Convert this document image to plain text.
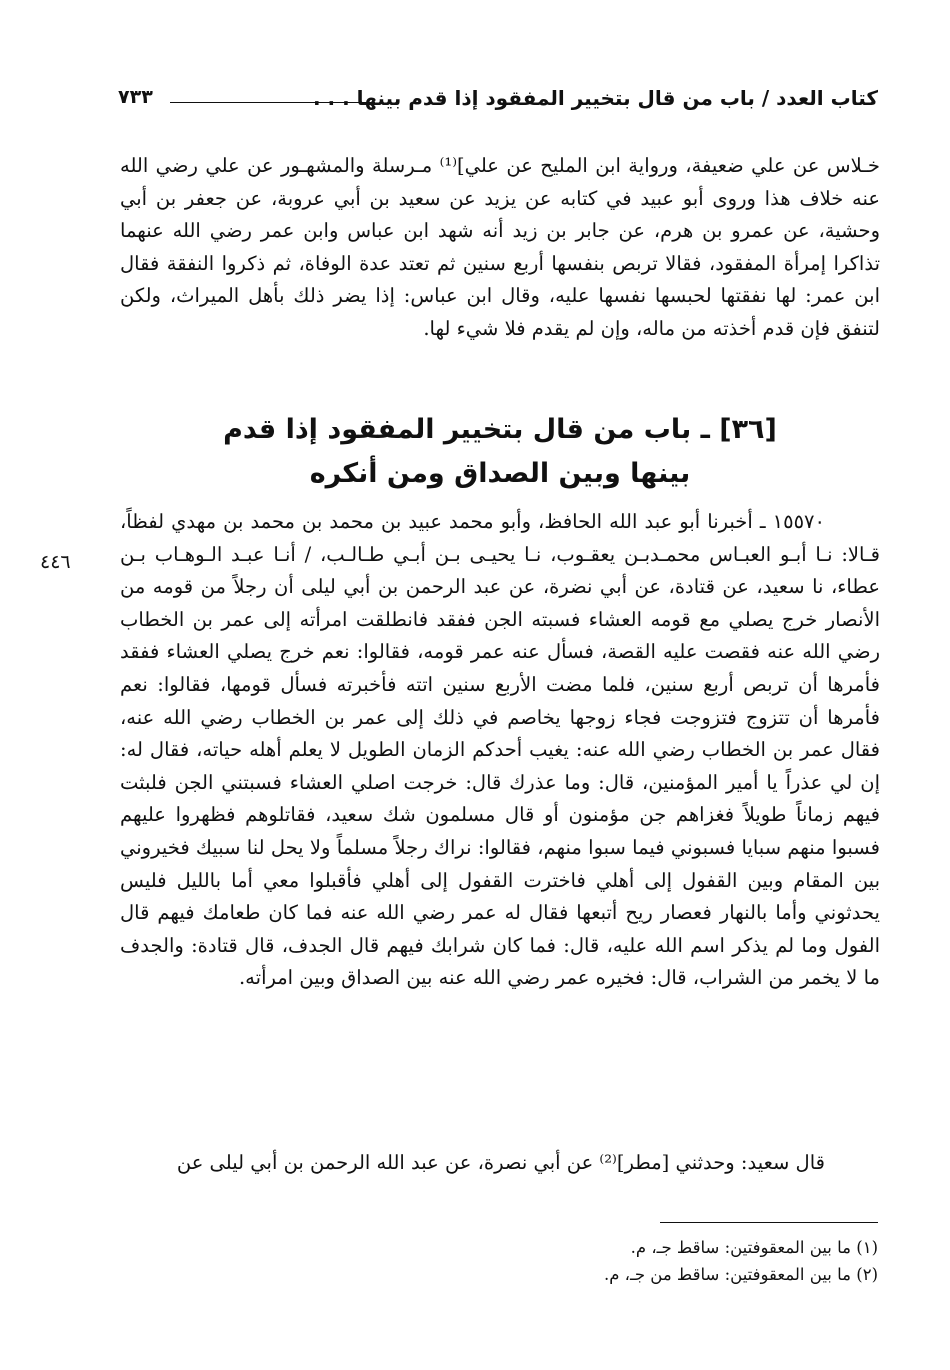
كتاب العدد / باب من قال بتخيير المفقود إذا قدم بينها . . .
٧٣٣

خـلاس عن علي ضعيفة، ورواية ابن المليح عن علي]⁽¹⁾ مـرسلة والمشهـور عن علي رضي الله عنه خلاف هذا وروى أبو عبيد في كتابه عن يزيد عن سعيد بن أبي عروبة، عن جعفر بن أبي وحشية، عن عمرو بن هرم، عن جابر بن زيد أنه شهد ابن عباس وابن عمر رضي الله عنهما تذاكرا إمرأة المفقود، فقالا تربص بنفسها أربع سنين ثم تعتد عدة الوفاة، ثم ذكروا النفقة فقال ابن عمر: لها نفقتها لحبسها نفسها عليه، وقال ابن عباس: إذا يضر ذلك بأهل الميراث، ولكن لتنفق فإن قدم أخذته من ماله، وإن لم يقدم فلا شيء لها.

[٣٦] ـ باب من قال بتخيير المفقود إذا قدم
بينها وبين الصداق ومن أنكره

١٥٥٧٠ ـ أخبرنا أبو عبد الله الحافظ، وأبو محمد عبيد بن محمد بن محمد بن مهدي لفظاً، قـالا: نـا أبـو العبـاس محمـدبـن يعقـوب، نـا يحيـى بـن أبـي طـالـب، / أنـا عبـد الـوهـاب بـن عطاء، نا سعيد، عن قتادة، عن أبي نضرة، عن عبد الرحمن بن أبي ليلى أن رجلاً من قومه من الأنصار خرج يصلي مع قومه العشاء فسبته الجن ففقد فانطلقت امرأته إلى عمر بن الخطاب رضي الله عنه فقصت عليه القصة، فسأل عنه عمر قومه، فقالوا: نعم خرج يصلي العشاء ففقد فأمرها أن تربص أربع سنين، فلما مضت الأربع سنين اتته فأخبرته فسأل قومها، فقالوا: نعم فأمرها أن تتزوج فتزوجت فجاء زوجها يخاصم في ذلك إلى عمر بن الخطاب رضي الله عنه، فقال عمر بن الخطاب رضي الله عنه: يغيب أحدكم الزمان الطويل لا يعلم أهله حياته، فقال له: إن لي عذراً يا أمير المؤمنين، قال: وما عذرك قال: خرجت اصلي العشاء فسبتني الجن فلبثت فيهم زماناً طويلاً فغزاهم جن مؤمنون أو قال مسلمون شك سعيد، فقاتلوهم فظهروا عليهم فسبوا منهم سبايا فسبوني فيما سبوا منهم، فقالوا: نراك رجلاً مسلماً ولا يحل لنا سبيك فخيروني بين المقام وبين القفول إلى أهلي فاخترت القفول إلى أهلي فأقبلوا معي أما بالليل فليس يحدثوني وأما بالنهار فعصار ريح أتبعها فقال له عمر رضي الله عنه فما كان طعامك فيهم قال الفول وما لم يذكر اسم الله عليه، قال: فما كان شرابك فيهم قال الجدف، قال قتادة: والجدف ما لا يخمر من الشراب، قال: فخيره عمر رضي الله عنه بين الصداق وبين امرأته.

٤٤٦

قال سعيد: وحدثني [مطر]⁽²⁾ عن أبي نصرة، عن عبد الله الرحمن بن أبي ليلى عن

(١) ما بين المعقوفتين: ساقط جـ، م.
(٢) ما بين المعقوفتين: ساقط من جـ، م.
